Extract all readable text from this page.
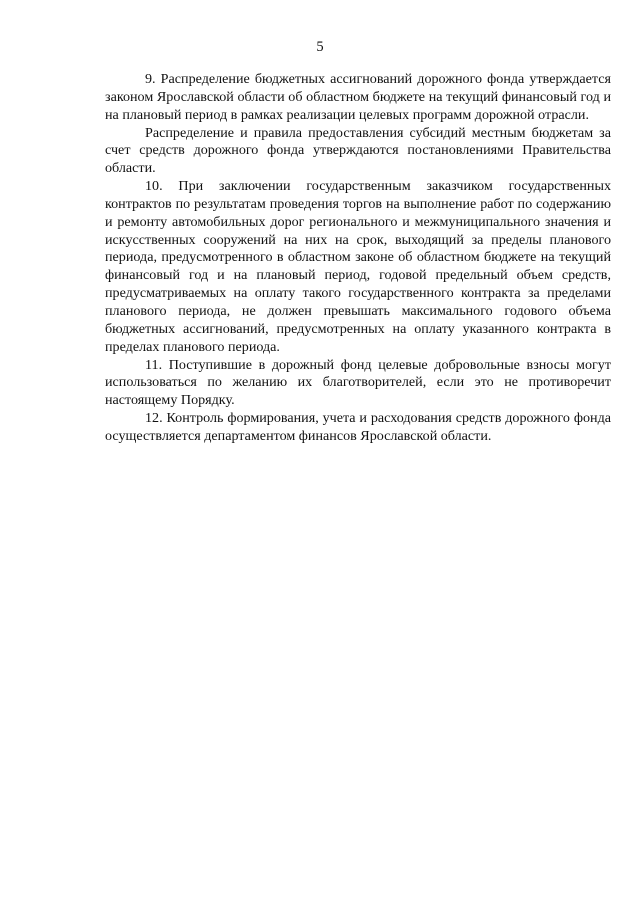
5

9. Распределение бюджетных ассигнований дорожного фонда утверждается законом Ярославской области об областном бюджете на текущий финансовый год и на плановый период в рамках реализации целевых программ дорожной отрасли.

Распределение и правила предоставления субсидий местным бюджетам за счет средств дорожного фонда утверждаются постановлениями Правительства области.

10. При заключении государственным заказчиком государственных контрактов по результатам проведения торгов на выполнение работ по содержанию и ремонту автомобильных дорог регионального и межмуниципального значения и искусственных сооружений на них на срок, выходящий за пределы планового периода, предусмотренного в областном законе об областном бюджете на текущий финансовый год и на плановый период, годовой предельный объем средств, предусматриваемых на оплату такого государственного контракта за пределами планового периода, не должен превышать максимального годового объема бюджетных ассигнований, предусмотренных на оплату указанного контракта в пределах планового периода.

11. Поступившие в дорожный фонд целевые добровольные взносы могут использоваться по желанию их благотворителей, если это не противоречит настоящему Порядку.

12. Контроль формирования, учета и расходования средств дорожного фонда осуществляется департаментом финансов Ярославской области.
